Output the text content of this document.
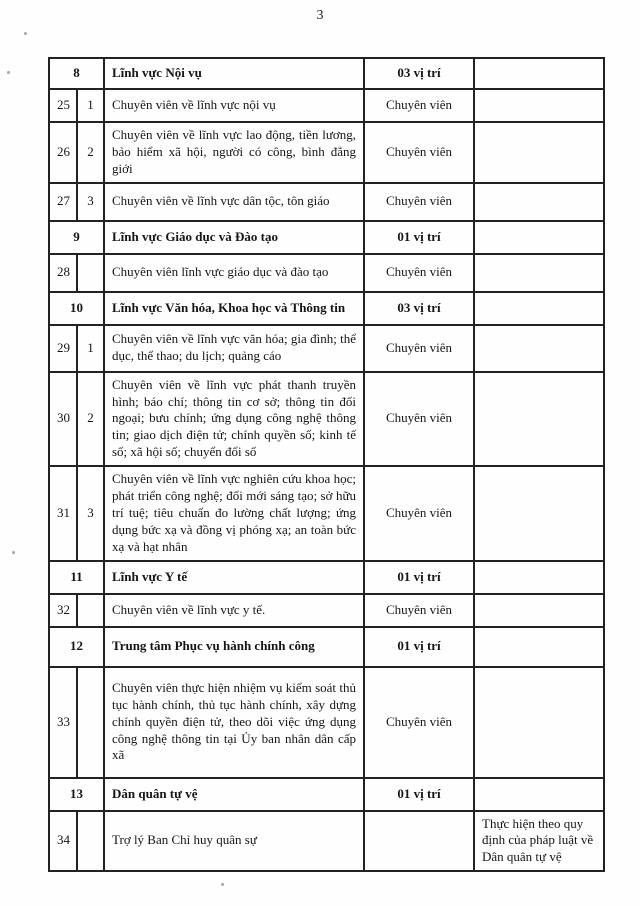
3
8		Lĩnh vực Nội vụ	03 vị trí	
25	1	Chuyên viên về lĩnh vực nội vụ	Chuyên viên	
26	2	Chuyên viên về lĩnh vực lao động, tiền lương, bảo hiểm xã hội, người có công, bình đẳng giới	Chuyên viên	
27	3	Chuyên viên về lĩnh vực dân tộc, tôn giáo	Chuyên viên	
9		Lĩnh vực Giáo dục và Đào tạo	01 vị trí	
28		Chuyên viên lĩnh vực giáo dục và đào tạo	Chuyên viên	
10		Lĩnh vực Văn hóa, Khoa học và Thông tin	03 vị trí	
29	1	Chuyên viên về lĩnh vực văn hóa; gia đình; thể dục, thể thao; du lịch; quảng cáo	Chuyên viên	
30	2	Chuyên viên về lĩnh vực phát thanh truyền hình; báo chí; thông tin cơ sở; thông tin đối ngoại; bưu chính; ứng dụng công nghệ thông tin; giao dịch điện tử; chính quyền số; kinh tế số; xã hội số; chuyển đổi số	Chuyên viên	
31	3	Chuyên viên về lĩnh vực nghiên cứu khoa học; phát triển công nghệ; đổi mới sáng tạo; sở hữu trí tuệ; tiêu chuẩn đo lường chất lượng; ứng dụng bức xạ và đồng vị phóng xạ; an toàn bức xạ và hạt nhân	Chuyên viên	
11		Lĩnh vực Y tế	01 vị trí	
32		Chuyên viên về lĩnh vực y tế.	Chuyên viên	
12		Trung tâm Phục vụ hành chính công	01 vị trí	
33		Chuyên viên thực hiện nhiệm vụ kiểm soát thủ tục hành chính, thủ tục hành chính, xây dựng chính quyền điện tử, theo dõi việc ứng dụng công nghệ thông tin tại Ủy ban nhân dân cấp xã	Chuyên viên	
13		Dân quân tự vệ	01 vị trí	
34		Trợ lý Ban Chỉ huy quân sự		Thực hiện theo quy định của pháp luật về Dân quân tự vệ
